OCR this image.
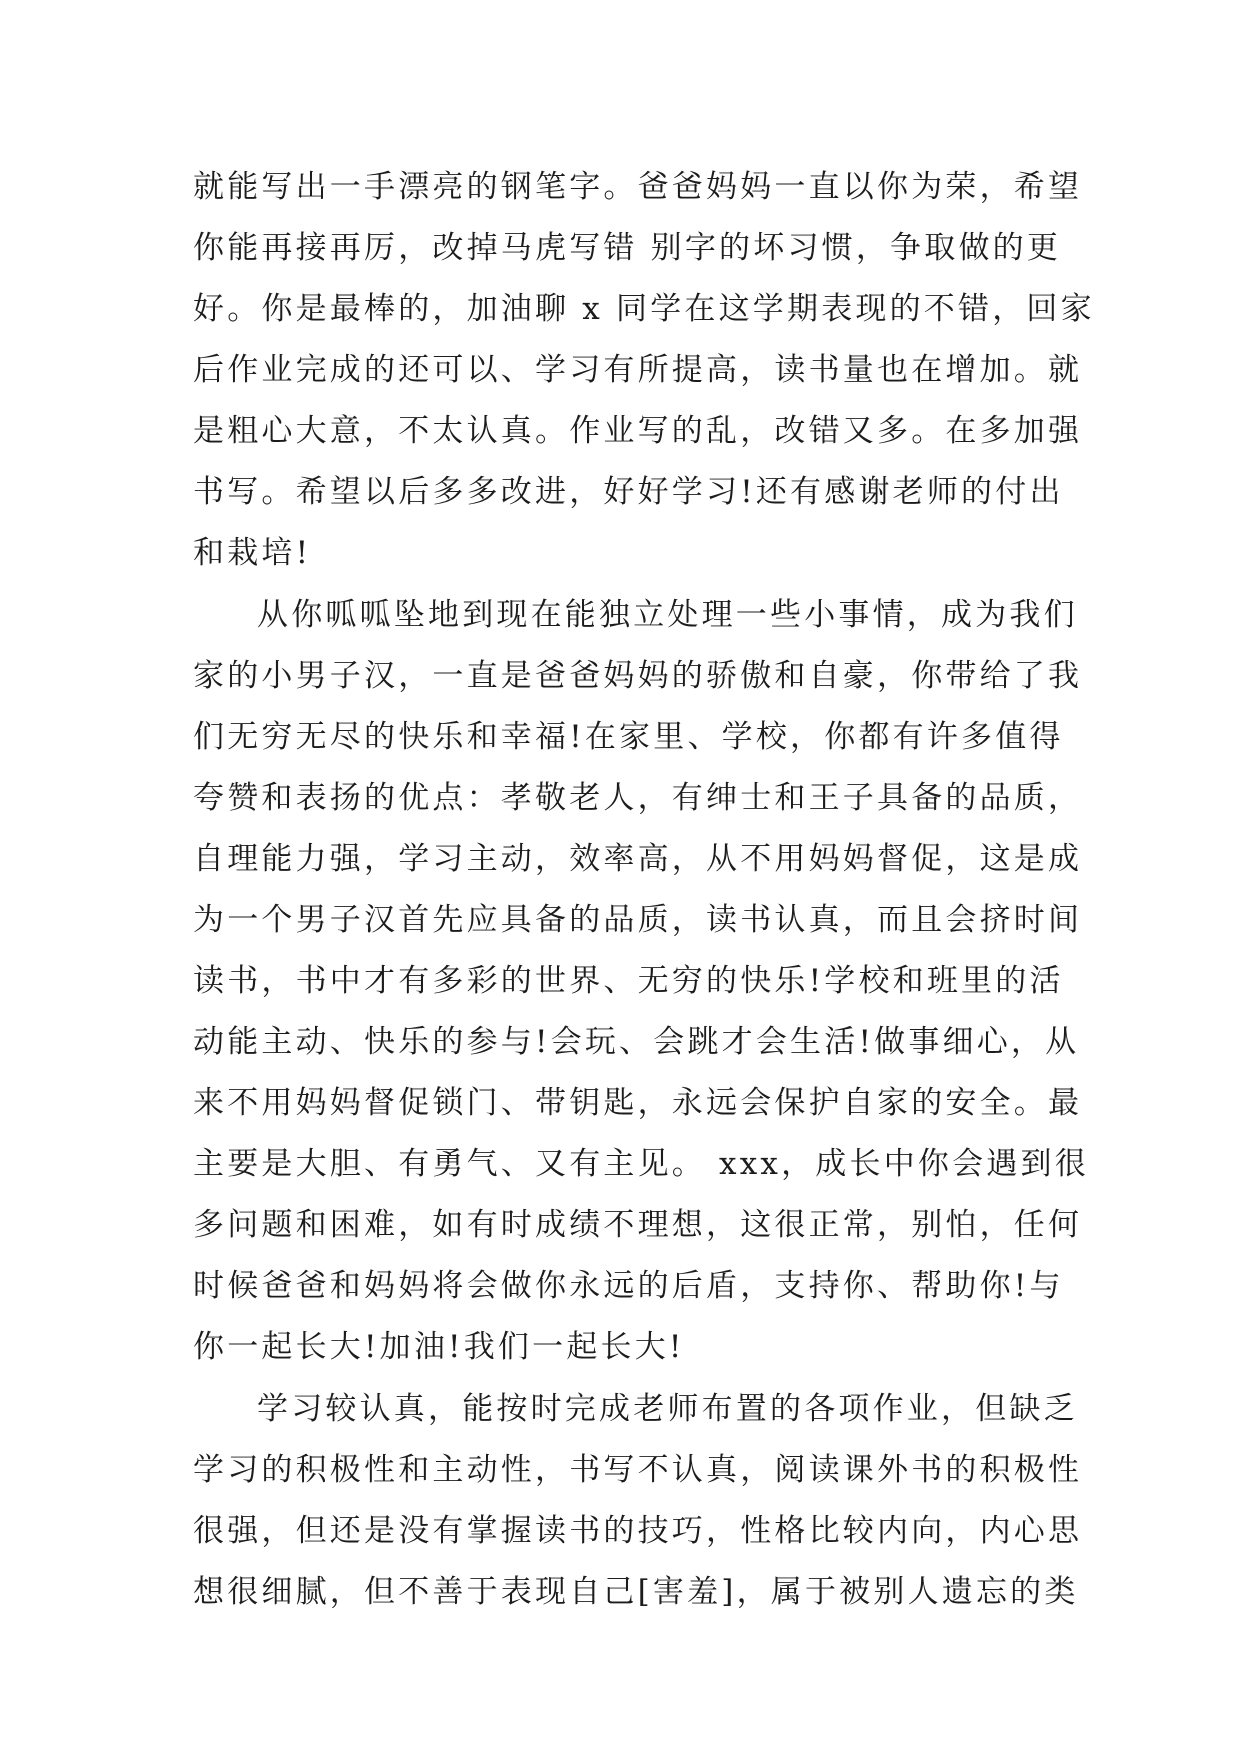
就能写出一手漂亮的钢笔字。爸爸妈妈一直以你为荣，希望
你能再接再厉，改掉马虎写错 别字的坏习惯，争取做的更
好。你是最棒的，加油聊 x 同学在这学期表现的不错，回家
后作业完成的还可以、学习有所提高，读书量也在增加。就
是粗心大意，不太认真。作业写的乱，改错又多。在多加强
书写。希望以后多多改进，好好学习!还有感谢老师的付出
和栽培!
从你呱呱坠地到现在能独立处理一些小事情，成为我们
家的小男子汉，一直是爸爸妈妈的骄傲和自豪，你带给了我
们无穷无尽的快乐和幸福!在家里、学校，你都有许多值得
夸赞和表扬的优点：孝敬老人，有绅士和王子具备的品质，
自理能力强，学习主动，效率高，从不用妈妈督促，这是成
为一个男子汉首先应具备的品质，读书认真，而且会挤时间
读书，书中才有多彩的世界、无穷的快乐!学校和班里的活
动能主动、快乐的参与!会玩、会跳才会生活!做事细心，从
来不用妈妈督促锁门、带钥匙，永远会保护自家的安全。最
主要是大胆、有勇气、又有主见。 xxx，成长中你会遇到很
多问题和困难，如有时成绩不理想，这很正常，别怕，任何
时候爸爸和妈妈将会做你永远的后盾，支持你、帮助你!与
你一起长大!加油!我们一起长大!
学习较认真，能按时完成老师布置的各项作业，但缺乏
学习的积极性和主动性，书写不认真，阅读课外书的积极性
很强，但还是没有掌握读书的技巧，性格比较内向，内心思
想很细腻，但不善于表现自己[害羞]，属于被别人遗忘的类
